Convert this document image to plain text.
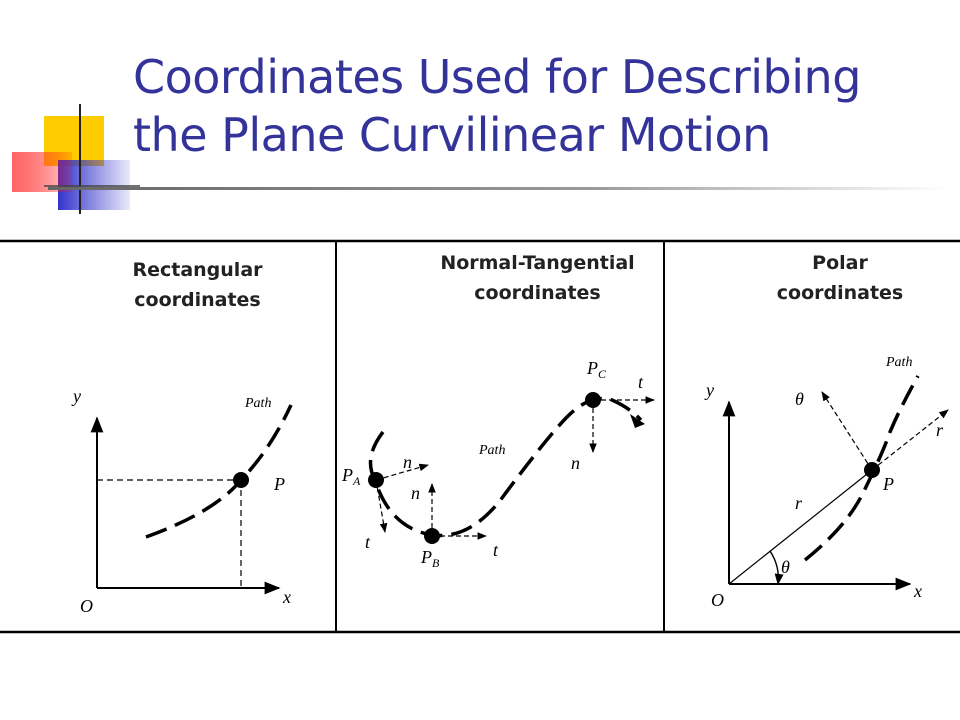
Coordinates Used for Describing
the Plane Curvilinear Motion
Rectangular
coordinates
Normal-Tangential
coordinates
Polar
coordinates
y
x
O
P
Path
$P_A$
$P_B$
$P_C$
n
t
n
t
n
t
Path
y
x
O
P
r
r
θ
θ
Path
